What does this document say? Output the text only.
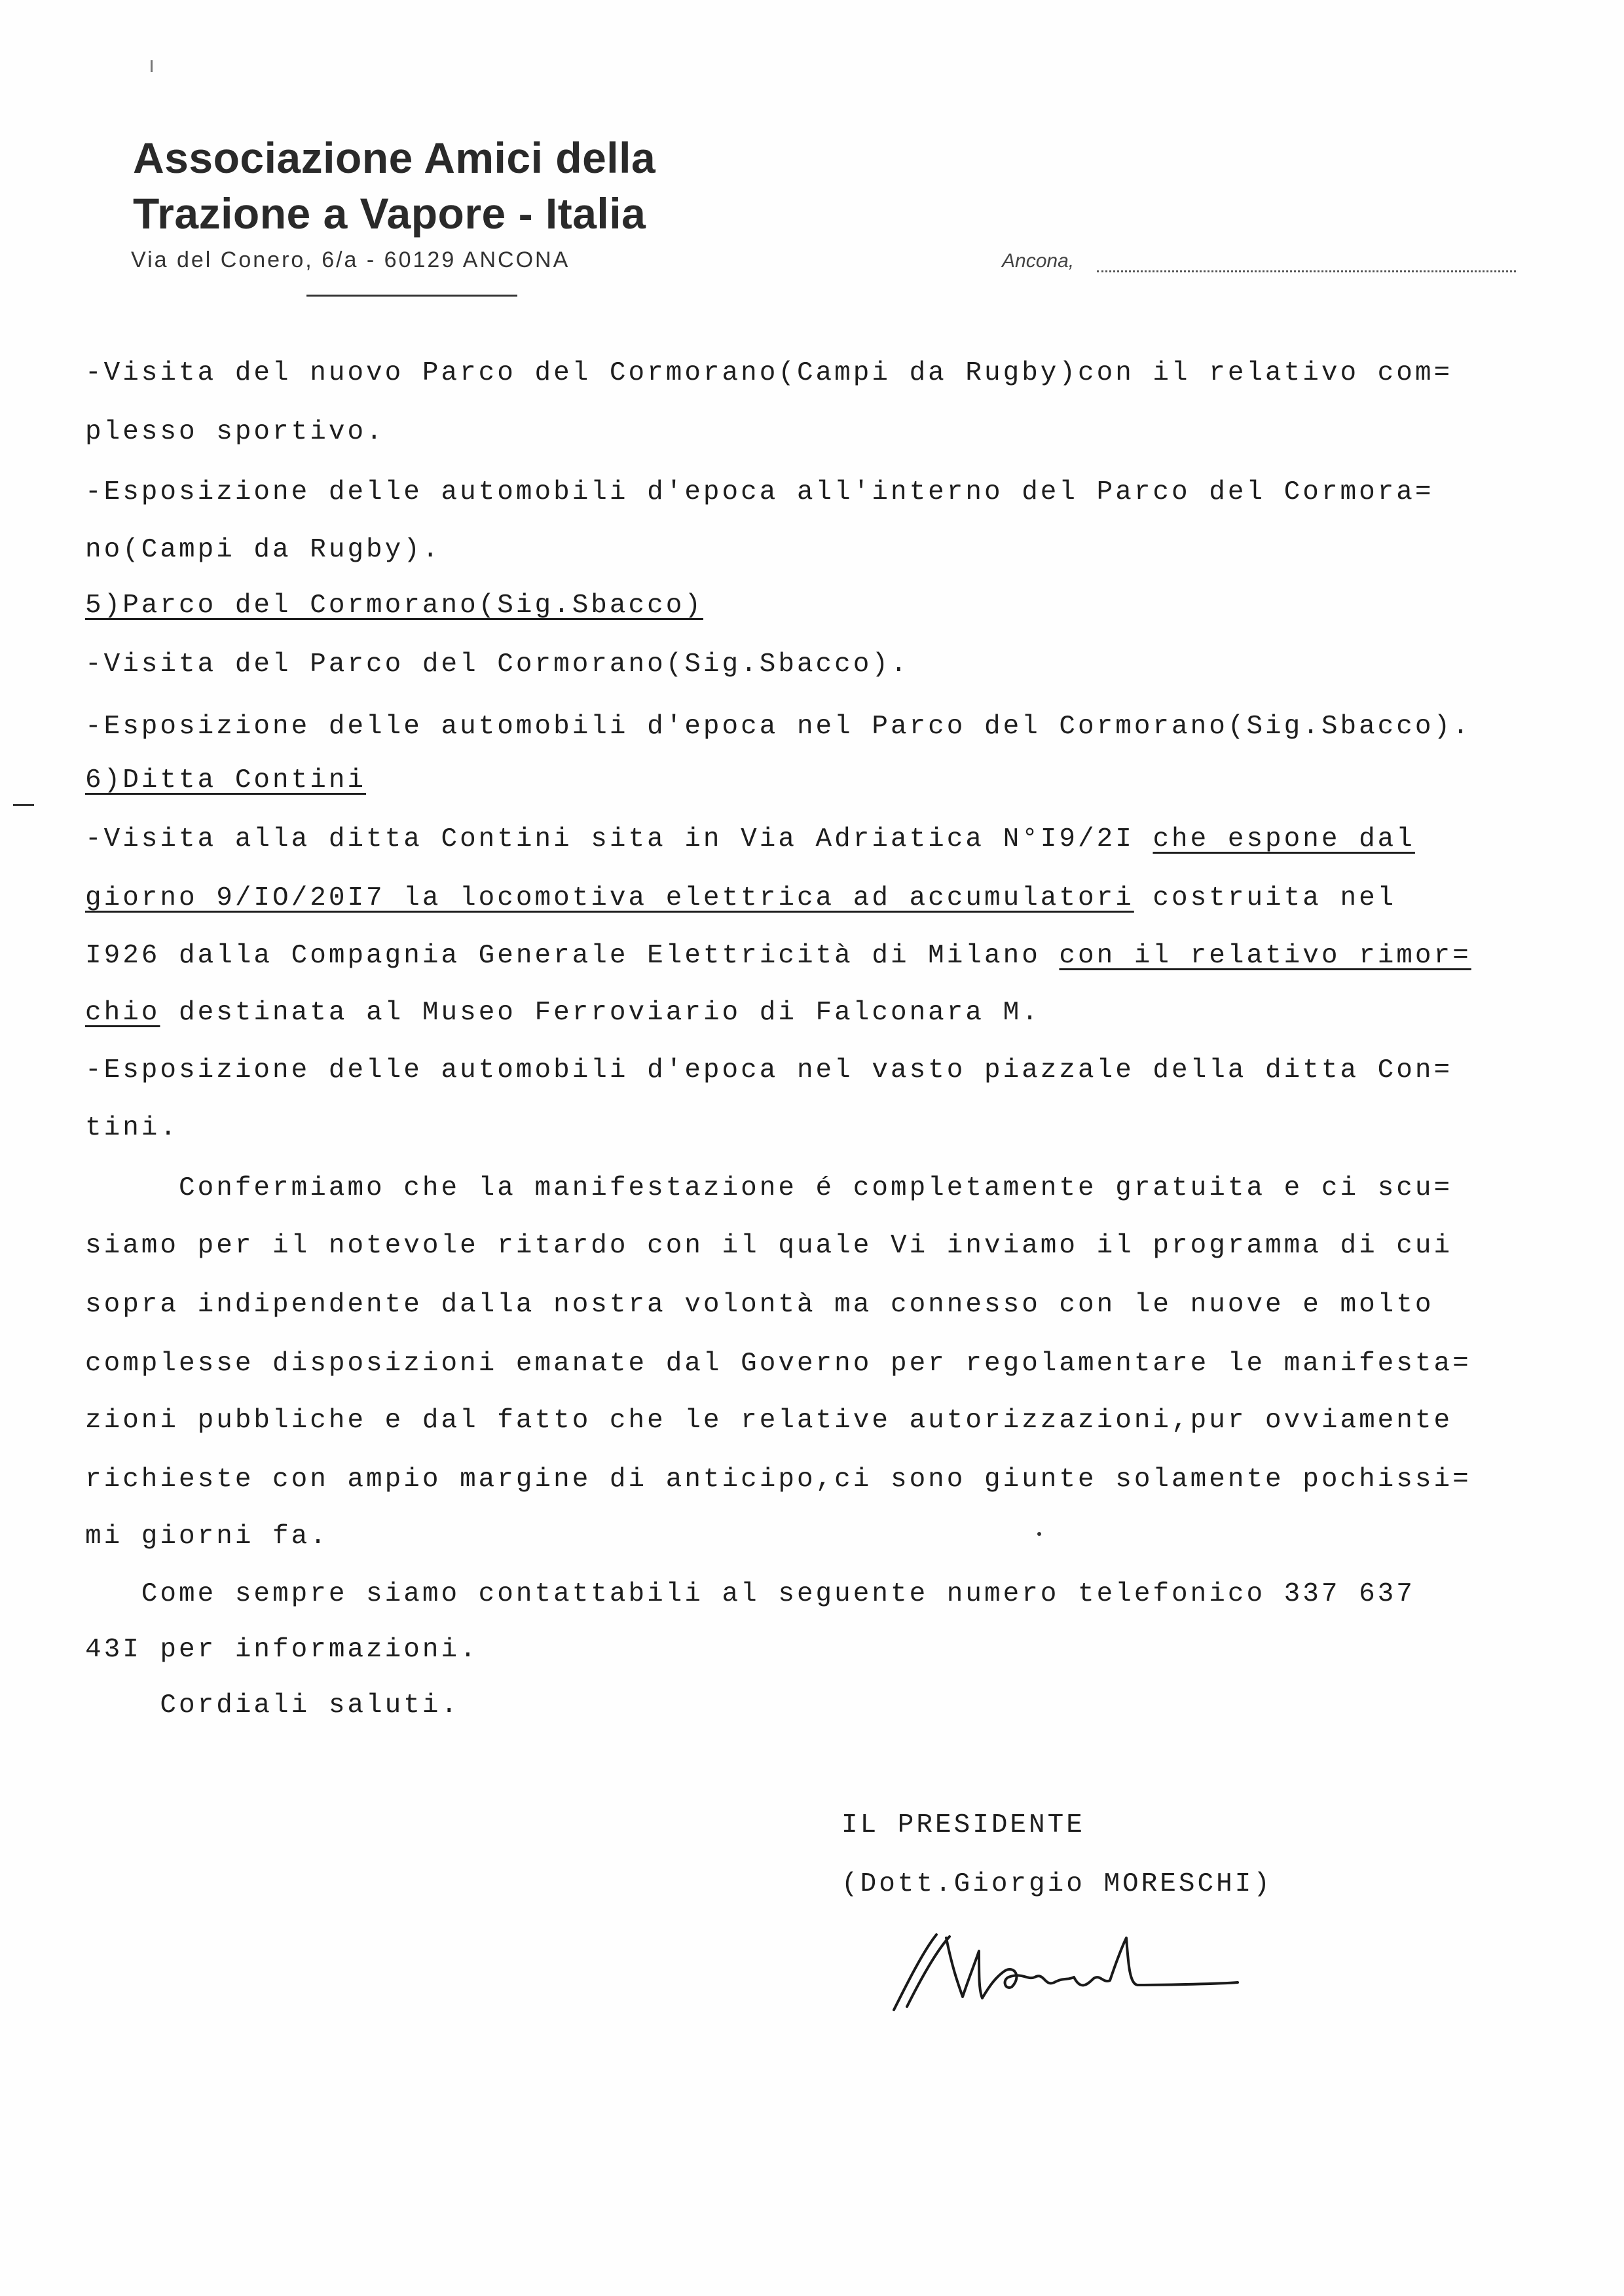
Associazione Amici della
Trazione a Vapore - Italia
Via del Conero, 6/a - 60129 ANCONA	Ancona,
-Visita del nuovo Parco del Cormorano(Campi da Rugby)con il relativo com=
plesso sportivo.
-Esposizione delle automobili d'epoca all'interno del Parco del Cormora=
no(Campi da Rugby).
5)Parco del Cormorano(Sig.Sbacco)
-Visita del Parco del Cormorano(Sig.Sbacco).
-Esposizione delle automobili d'epoca nel Parco del Cormorano(Sig.Sbacco).
6)Ditta Contini
-Visita alla ditta Contini sita in Via Adriatica N°I9/2I che espone dal
giorno 9/IO/20I7 la locomotiva elettrica ad accumulatori costruita nel
I926 dalla Compagnia Generale Elettricità di Milano con il relativo rimor=
chio destinata al Museo Ferroviario di Falconara M.
-Esposizione delle automobili d'epoca nel vasto piazzale della ditta Con=
tini.
Confermiamo che la manifestazione é completamente gratuita e ci scu=
siamo per il notevole ritardo con il quale Vi inviamo il programma di cui
sopra indipendente dalla nostra volontà ma connesso con le nuove e molto
complesse disposizioni emanate dal Governo per regolamentare le manifesta=
zioni pubbliche e dal fatto che le relative autorizzazioni,pur ovviamente
richieste con ampio margine di anticipo,ci sono giunte solamente pochissi=
mi giorni fa.
Come sempre siamo contattabili al seguente numero telefonico 337 637
43I per informazioni.
Cordiali saluti.
IL PRESIDENTE
(Dott.Giorgio MORESCHI)
